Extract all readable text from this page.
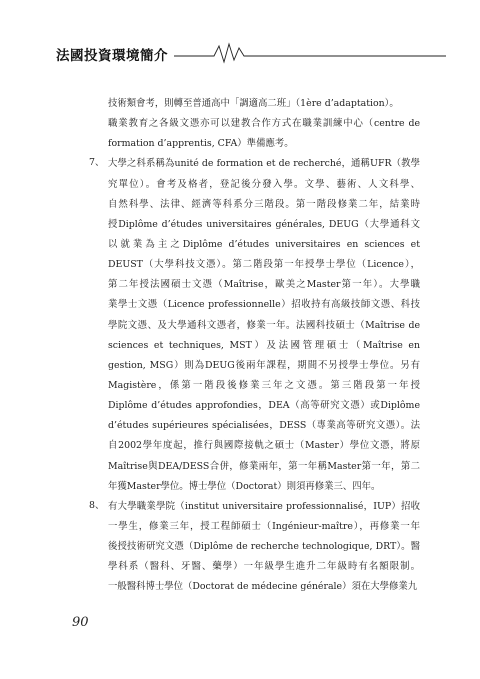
法國投資環境簡介
技術類會考，則轉至普通高中「調適高二班」（1ère d’adaptation）。
職業教育之各級文憑亦可以建教合作方式在職業訓練中心（centre de
formation d’apprentis, CFA）準備應考。
7、 大學之科系稱為unité de formation et de recherché，通稱UFR（教學
究單位）。會考及格者，登記後分發入學。文學、藝術、人文科學、
自然科學、法律、經濟等科系分三階段。第一階段修業二年，結業時
授Diplôme d’études universitaires générales, DEUG（大學通科文
以就業為主之Diplôme d’études universitaires en sciences et
DEUST（大學科技文憑）。第二階段第一年授學士學位（Licence），
第二年授法國碩士文憑（Maîtrise，歐美之Master第一年）。大學職
業學士文憑（Licence professionnelle）招收持有高級技師文憑、科技
學院文憑、及大學通科文憑者，修業一年。法國科技碩士（Maîtrise de
sciences et techniques, MST）及法國管理碩士（Maîtrise en
gestion, MSG）則為DEUG後兩年課程，期間不另授學士學位。另有
Magistère，係第一階段後修業三年之文憑。第三階段第一年授
Diplôme d’études approfondies，DEA（高等研究文憑）或Diplôme
d’études supérieures spécialisées，DESS（專業高等研究文憑）。法
自2002學年度起，推行與國際接軌之碩士（Master）學位文憑，將原
Maîtrise與DEA/DESS合併，修業兩年，第一年稱Master第一年，第二
年獲Master學位。博士學位（Doctorat）則須再修業三、四年。
8、 有大學職業學院（institut universitaire professionnalisé，IUP）招收
一學生，修業三年，授工程師碩士（Ingénieur-maître），再修業一年
後授技術研究文憑（Diplôme de recherche technologique, DRT）。醫
學科系（醫科、牙醫、藥學）一年級學生進升二年級時有名額限制。
一般醫科博士學位（Doctorat de médecine générale）須在大學修業九
90
